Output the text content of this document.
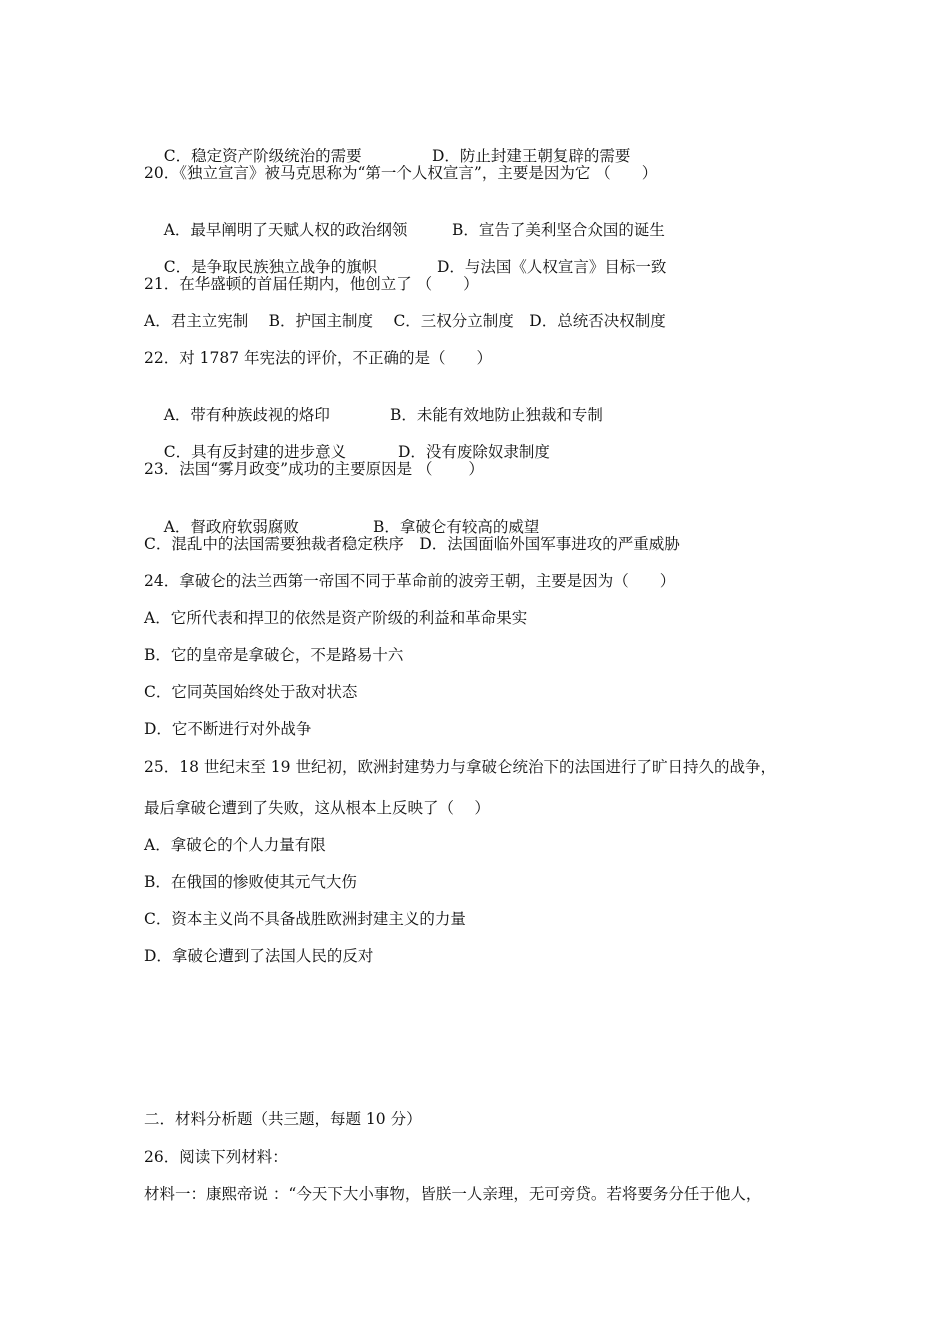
C．稳定资产阶级统治的需要	D．防止封建王朝复辟的需要

20．《独立宣言》被马克思称为“第一个人权宣言”，主要是因为它 （　　）

A．最早阐明了天赋人权的政治纲领	B．宣告了美利坚合众国的诞生

C．是争取民族独立战争的旗帜	D．与法国《人权宣言》目标一致

21．在华盛顿的首届任期内，他创立了 （　　）
A．君主立宪制　 B．护国主制度　 C．三权分立制度　D．总统否决权制度
22．对 1787 年宪法的评价，不正确的是（　　）

A．带有种族歧视的烙印	B．未能有效地防止独裁和专制

C．具有反封建的进步意义	D．没有废除奴隶制度

23．法国“雾月政变”成功的主要原因是 （　　 ）

A．督政府软弱腐败	B．拿破仑有较高的威望

C．混乱中的法国需要独裁者稳定秩序　D．法国面临外国军事进攻的严重威胁
24．拿破仑的法兰西第一帝国不同于革命前的波旁王朝，主要是因为（　　）
A．它所代表和捍卫的依然是资产阶级的利益和革命果实
B．它的皇帝是拿破仑，不是路易十六
C．它同英国始终处于敌对状态
D．它不断进行对外战争
25．18 世纪末至 19 世纪初，欧洲封建势力与拿破仑统治下的法国进行了旷日持久的战争，
最后拿破仑遭到了失败，这从根本上反映了（　 ）
A．拿破仑的个人力量有限
B．在俄国的惨败使其元气大伤
C．资本主义尚不具备战胜欧洲封建主义的力量
D．拿破仑遭到了法国人民的反对
二．材料分析题（共三题，每题 10 分）
26．阅读下列材料：
材料一：康熙帝说 ：“今天下大小事物，皆朕一人亲理，无可旁贷。若将要务分任于他人，
